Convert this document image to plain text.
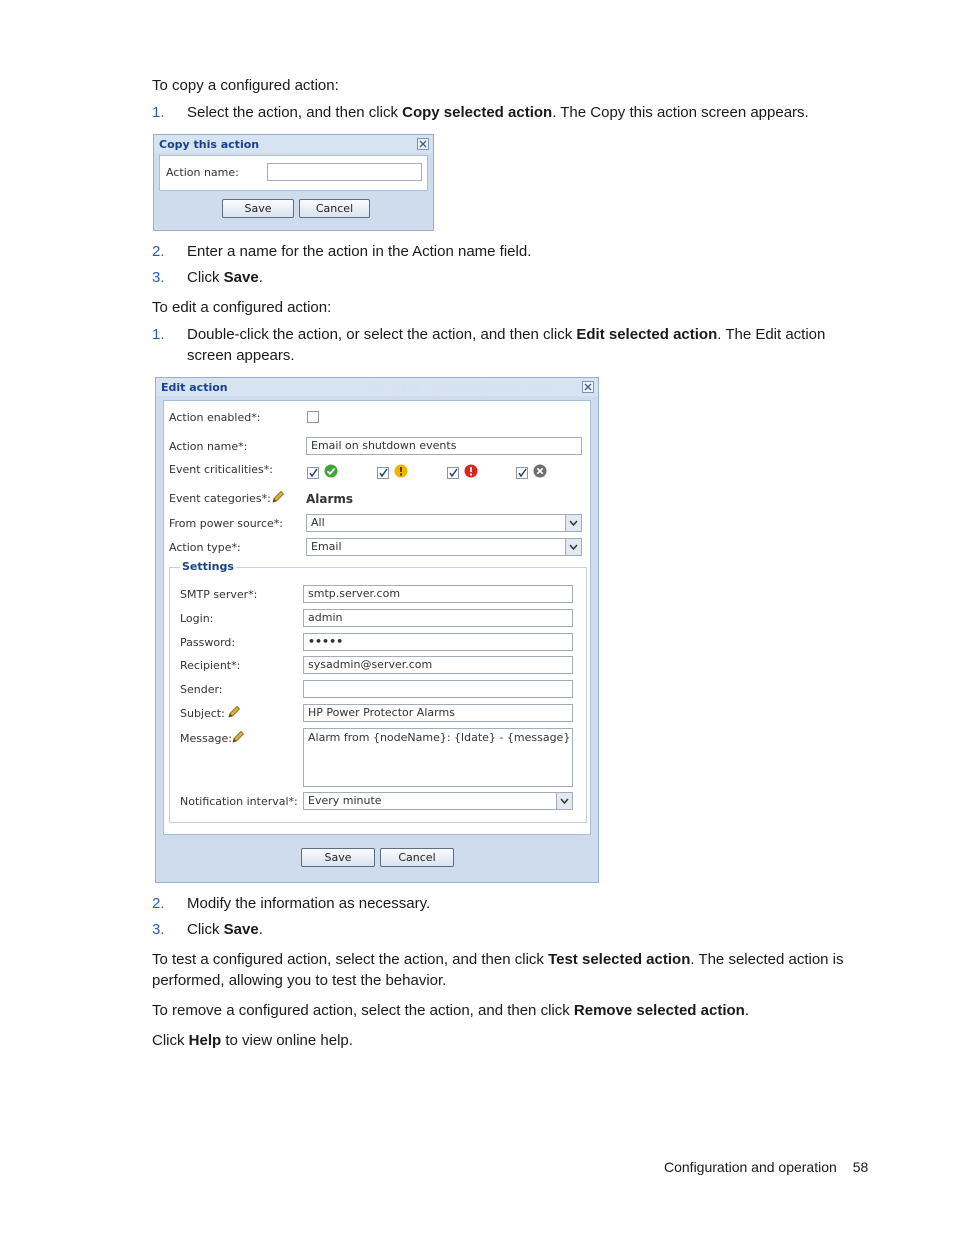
To copy a configured action:

1. Select the action, and then click Copy selected action. The Copy this action screen appears.
Copy this action
Action name:
Save	Cancel
2. Enter a name for the action in the Action name field.
3. Click Save.

To edit a configured action:

1. Double-click the action, or select the action, and then click Edit selected action. The Edit action screen appears.
Edit action	Recipient: sysadmin@server.com
Action enabled*:
Action name*:	Email on shutdown events
Event criticalities*:
Event categories*:	Alarms
From power source*:	All
Action type*:	Email
Settings
SMTP server*:	smtp.server.com
Login:	admin
Password:	•••••
Recipient*:	sysadmin@server.com
Sender:
Subject:	HP Power Protector Alarms
Message:	Alarm from {nodeName}: {ldate} - {message}
Notification interval*: Every minute
Save	Cancel
2. Modify the information as necessary.
3. Click Save.

To test a configured action, select the action, and then click Test selected action. The selected action is performed, allowing you to test the behavior.

To remove a configured action, select the action, and then click Remove selected action.

Click Help to view online help.

Configuration and operation 58
